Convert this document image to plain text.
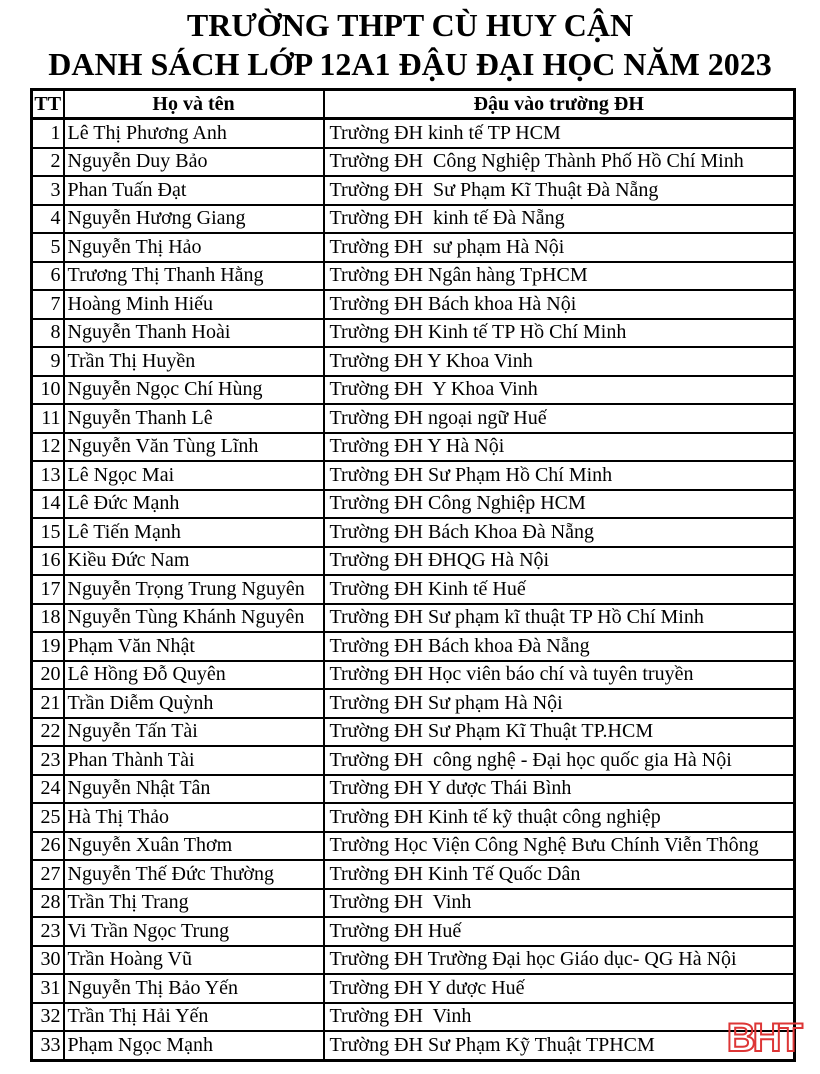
TRƯỜNG THPT CÙ HUY CẬN
DANH SÁCH LỚP 12A1 ĐẬU ĐẠI HỌC NĂM 2023
TT	Họ và tên	Đậu vào trường ĐH
1	Lê Thị Phương Anh	Trường ĐH kinh tế TP HCM
2	Nguyễn Duy Bảo	Trường ĐH  Công Nghiệp Thành Phố Hồ Chí Minh
3	Phan Tuấn Đạt	Trường ĐH  Sư Phạm Kĩ Thuật Đà Nẵng
4	Nguyễn Hương Giang	Trường ĐH  kinh tế Đà Nẵng
5	Nguyễn Thị Hảo	Trường ĐH  sư phạm Hà Nội
6	Trương Thị Thanh Hằng	Trường ĐH Ngân hàng TpHCM
7	Hoàng Minh Hiếu	Trường ĐH Bách khoa Hà Nội
8	Nguyễn Thanh Hoài	Trường ĐH Kinh tế TP Hồ Chí Minh
9	Trần Thị Huyền	Trường ĐH Y Khoa Vinh
10	Nguyễn Ngọc Chí Hùng	Trường ĐH  Y Khoa Vinh
11	Nguyễn Thanh Lê	Trường ĐH ngoại ngữ Huế
12	Nguyễn Văn Tùng Lĩnh	Trường ĐH Y Hà Nội
13	Lê Ngọc Mai	Trường ĐH Sư Phạm Hồ Chí Minh
14	Lê Đức Mạnh	Trường ĐH Công Nghiệp HCM
15	Lê Tiến Mạnh	Trường ĐH Bách Khoa Đà Nẵng
16	Kiều Đức Nam	Trường ĐH ĐHQG Hà Nội
17	Nguyễn Trọng Trung Nguyên	Trường ĐH Kinh tế Huế
18	Nguyễn Tùng Khánh Nguyên	Trường ĐH Sư phạm kĩ thuật TP Hồ Chí Minh
19	Phạm Văn Nhật	Trường ĐH Bách khoa Đà Nẵng
20	Lê Hồng Đỗ Quyên	Trường ĐH Học viên báo chí và tuyên truyền
21	Trần Diễm Quỳnh	Trường ĐH Sư phạm Hà Nội
22	Nguyễn Tấn Tài	Trường ĐH Sư Phạm Kĩ Thuật TP.HCM
23	Phan Thành Tài	Trường ĐH  công nghệ - Đại học quốc gia Hà Nội
24	Nguyễn Nhật Tân	Trường ĐH Y dược Thái Bình
25	Hà Thị Thảo	Trường ĐH Kinh tế kỹ thuật công nghiệp
26	Nguyễn Xuân Thơm	Trường Học Viện Công Nghệ Bưu Chính Viễn Thông
27	Nguyễn Thế Đức Thường	Trường ĐH Kinh Tế Quốc Dân
28	Trần Thị Trang	Trường ĐH  Vinh
23	Vi Trần Ngọc Trung	Trường ĐH Huế
30	Trần Hoàng Vũ	Trường ĐH Trường Đại học Giáo dục- QG Hà Nội
31	Nguyễn Thị Bảo Yến	Trường ĐH Y dược Huế
32	Trần Thị Hải Yến	Trường ĐH  Vinh
33	Phạm Ngọc Mạnh	Trường ĐH Sư Phạm Kỹ Thuật TPHCM BHT
